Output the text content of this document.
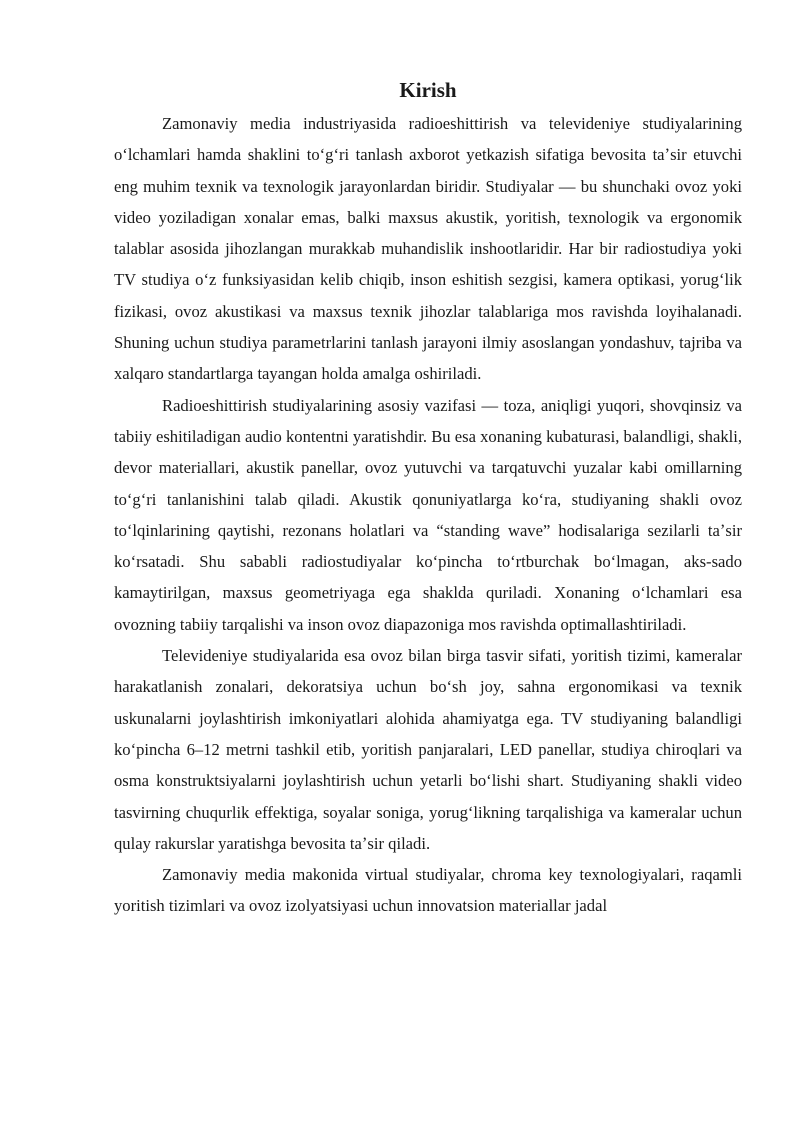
Kirish

Zamonaviy media industriyasida radioeshittirish va televideniye studiyalarining oʻlchamlari hamda shaklini toʻgʻri tanlash axborot yetkazish sifatiga bevosita taʼsir etuvchi eng muhim texnik va texnologik jarayonlardan biridir. Studiyalar — bu shunchaki ovoz yoki video yoziladigan xonalar emas, balki maxsus akustik, yoritish, texnologik va ergonomik talablar asosida jihozlangan murakkab muhandislik inshootlaridir. Har bir radiostudiya yoki TV studiya oʻz funksiyasidan kelib chiqib, inson eshitish sezgisi, kamera optikasi, yorugʻlik fizikasi, ovoz akustikasi va maxsus texnik jihozlar talablariga mos ravishda loyihalanadi. Shuning uchun studiya parametrlarini tanlash jarayoni ilmiy asoslangan yondashuv, tajriba va xalqaro standartlarga tayangan holda amalga oshiriladi.

Radioeshittirish studiyalarining asosiy vazifasi — toza, aniqligi yuqori, shovqinsiz va tabiiy eshitiladigan audio kontentni yaratishdir. Bu esa xonaning kubaturasi, balandligi, shakli, devor materiallari, akustik panellar, ovoz yutuvchi va tarqatuvchi yuzalar kabi omillarning toʻgʻri tanlanishini talab qiladi. Akustik qonuniyatlarga koʻra, studiyaning shakli ovoz toʻlqinlarining qaytishi, rezonans holatlari va “standing wave” hodisalariga sezilarli taʼsir koʻrsatadi. Shu sababli radiostudiyalar koʻpincha toʻrtburchak boʻlmagan, aks-sado kamaytirilgan, maxsus geometriyaga ega shaklda quriladi. Xonaning oʻlchamlari esa ovozning tabiiy tarqalishi va inson ovoz diapazoniga mos ravishda optimallashtiriladi.

Televideniye studiyalarida esa ovoz bilan birga tasvir sifati, yoritish tizimi, kameralar harakatlanish zonalari, dekoratsiya uchun boʻsh joy, sahna ergonomikasi va texnik uskunalarni joylashtirish imkoniyatlari alohida ahamiyatga ega. TV studiyaning balandligi koʻpincha 6–12 metrni tashkil etib, yoritish panjaralari, LED panellar, studiya chiroqlari va osma konstruktsiyalarni joylashtirish uchun yetarli boʻlishi shart. Studiyaning shakli video tasvirning chuqurlik effektiga, soyalar soniga, yorugʻlikning tarqalishiga va kameralar uchun qulay rakurslar yaratishga bevosita taʼsir qiladi.

Zamonaviy media makonida virtual studiyalar, chroma key texnologiyalari, raqamli yoritish tizimlari va ovoz izolyatsiyasi uchun innovatsion materiallar jadal
